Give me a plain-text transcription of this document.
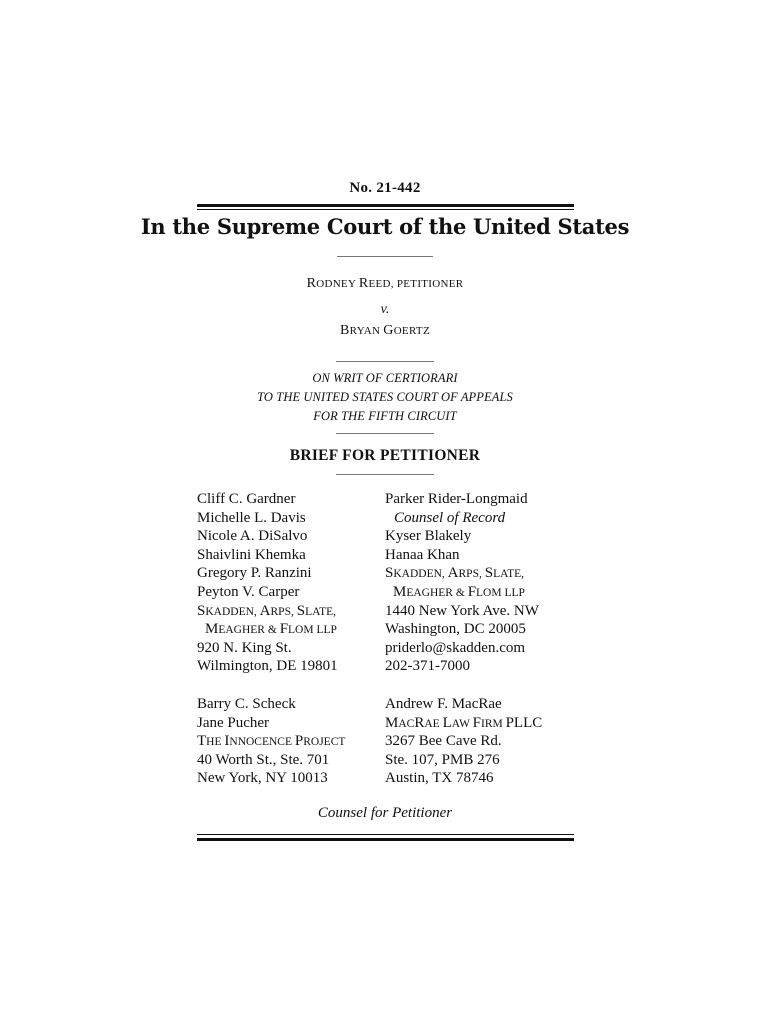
No. 21-442
In the Supreme Court of the United States
RODNEY REED, PETITIONER
v.
BRYAN GOERTZ
ON WRIT OF CERTIORARI
TO THE UNITED STATES COURT OF APPEALS
FOR THE FIFTH CIRCUIT
BRIEF FOR PETITIONER
Cliff C. Gardner
Michelle L. Davis
Nicole A. DiSalvo
Shaivlini Khemka
Gregory P. Ranzini
Peyton V. Carper
SKADDEN, ARPS, SLATE,
MEAGHER & FLOM LLP
920 N. King St.
Wilmington, DE 19801
Parker Rider-Longmaid
Counsel of Record
Kyser Blakely
Hanaa Khan
SKADDEN, ARPS, SLATE,
MEAGHER & FLOM LLP
1440 New York Ave. NW
Washington, DC 20005
priderlo@skadden.com
202-371-7000
Barry C. Scheck
Jane Pucher
THE INNOCENCE PROJECT
40 Worth St., Ste. 701
New York, NY 10013
Andrew F. MacRae
MACRAE LAW FIRM PLLC
3267 Bee Cave Rd.
Ste. 107, PMB 276
Austin, TX 78746
Counsel for Petitioner
